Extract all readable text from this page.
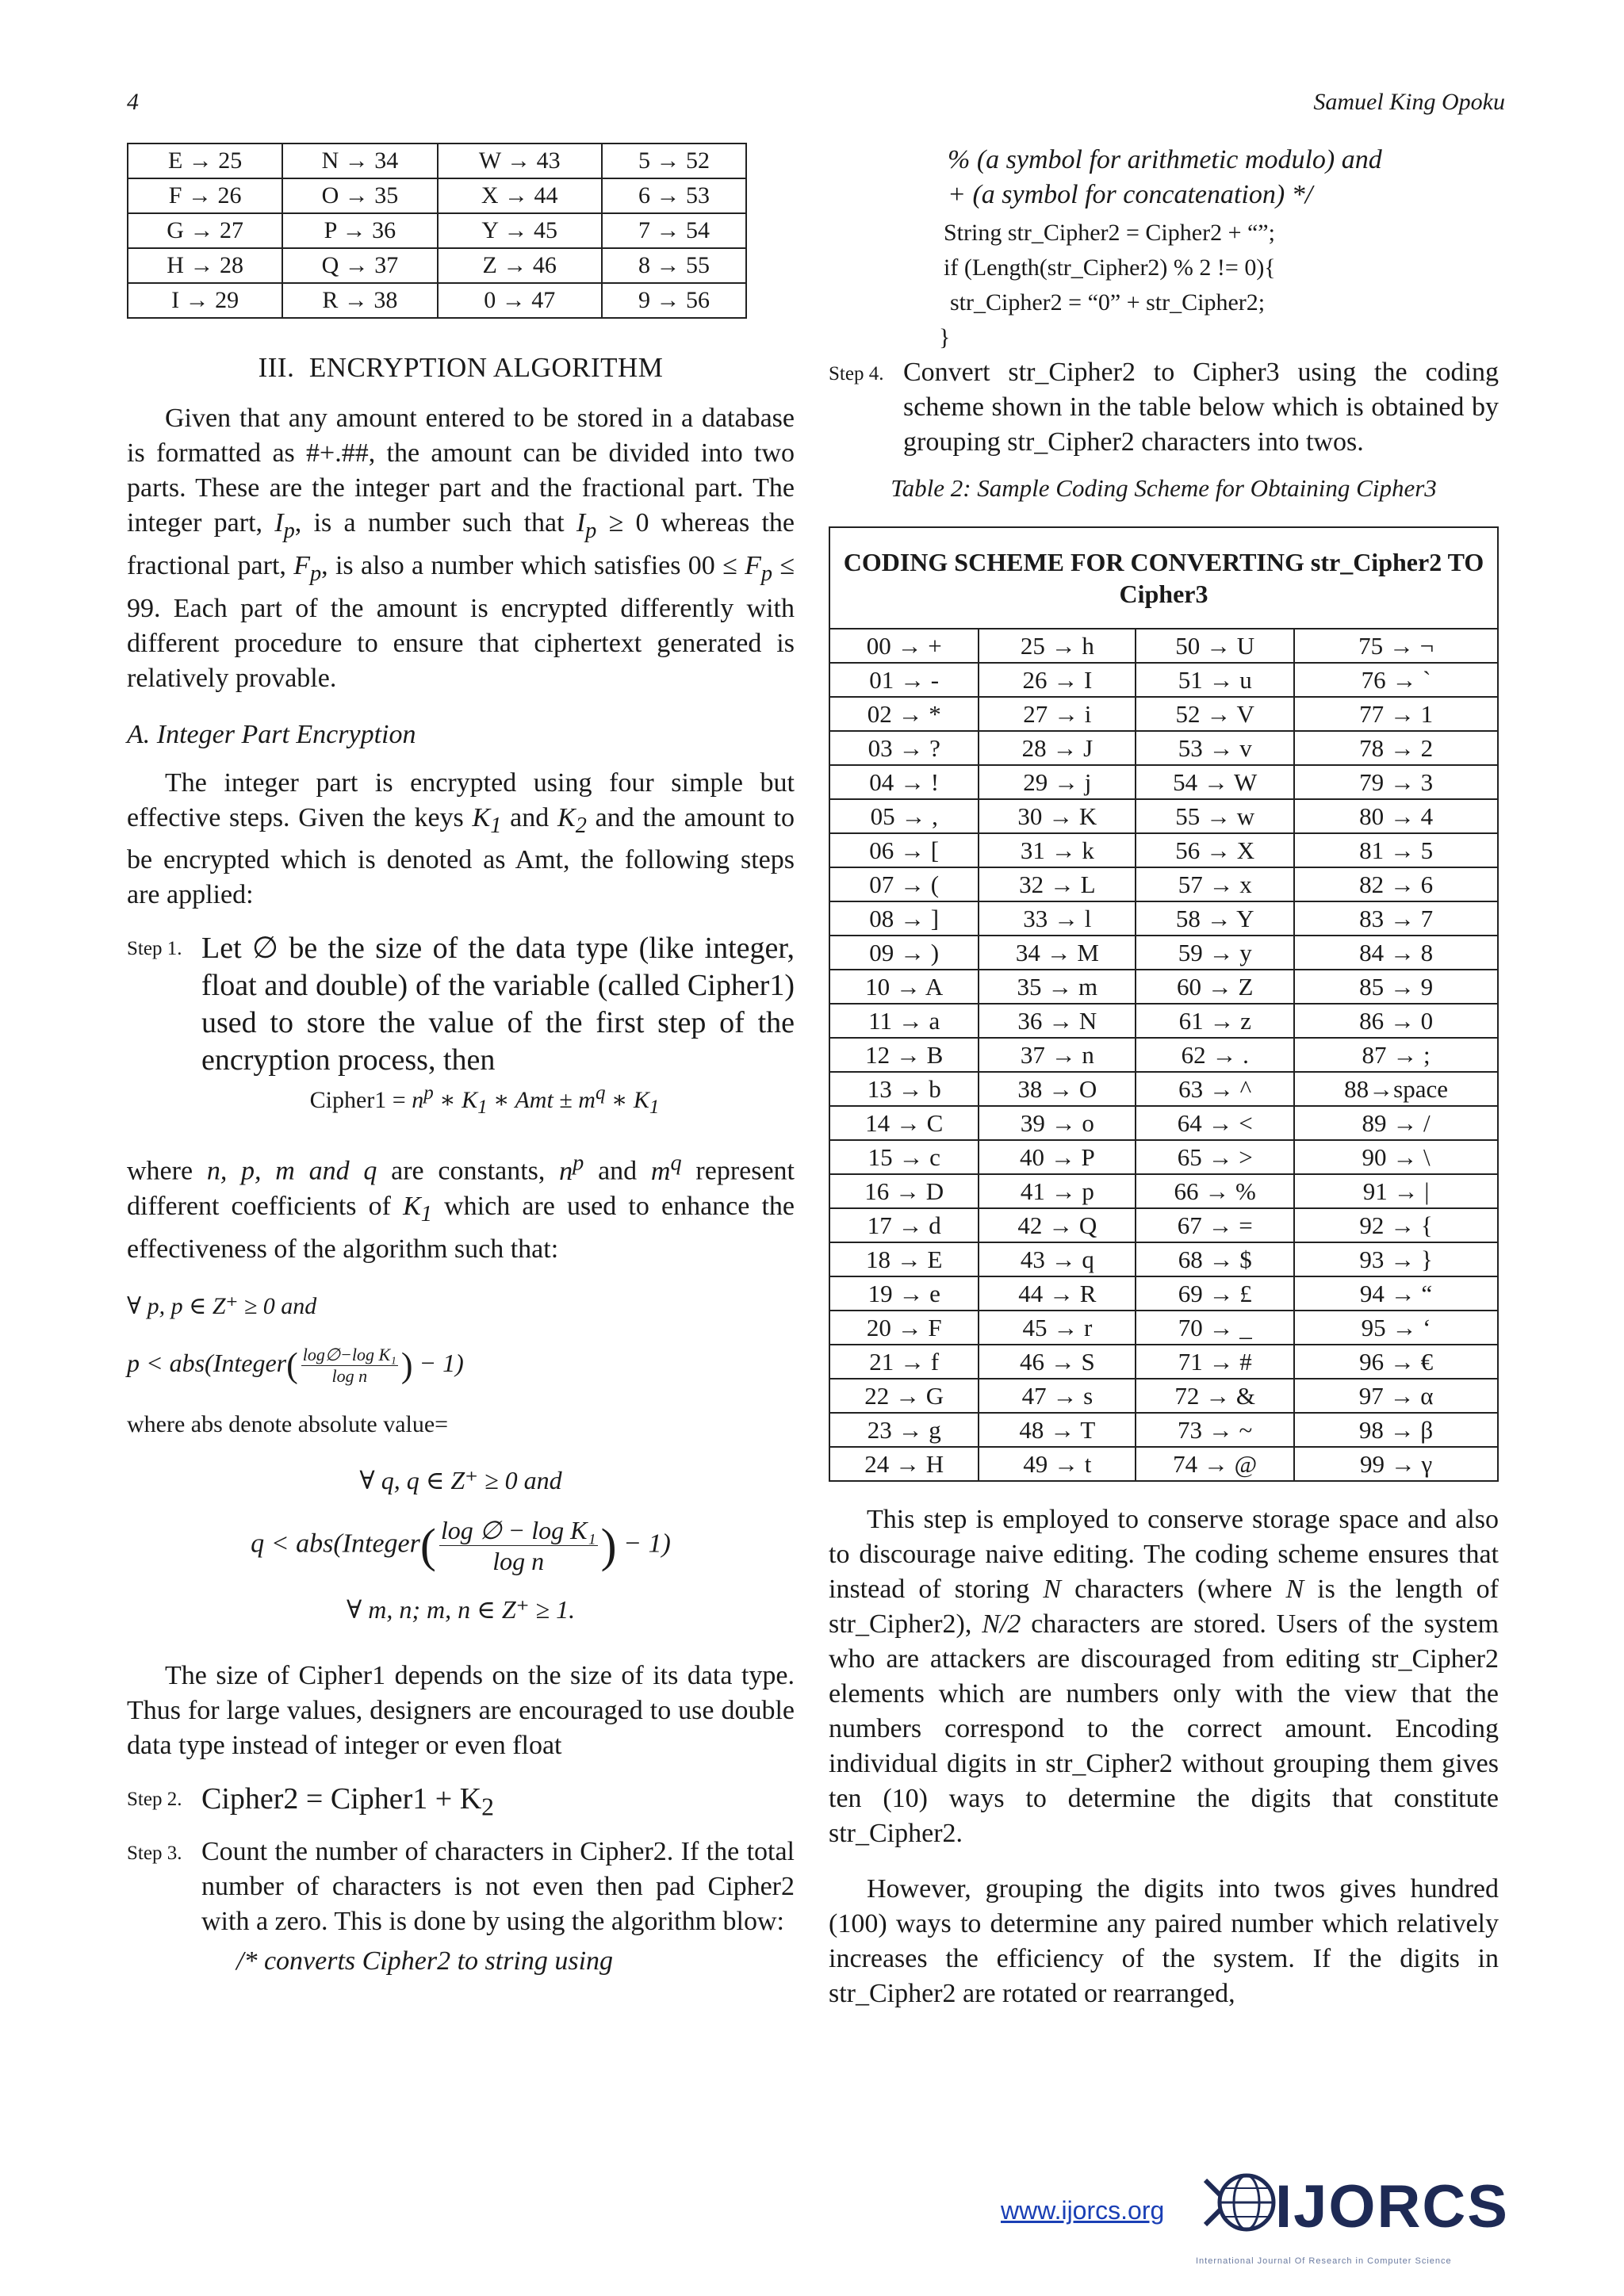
4	Samuel King Opoku
E → 25	N → 34	W → 43	5 → 52
F → 26	O → 35	X → 44	6 → 53
G → 27	P → 36	Y → 45	7 → 54
H → 28	Q → 37	Z → 46	8 → 55
I → 29	R → 38	0 → 47	9 → 56
III. ENCRYPTION ALGORITHM

Given that any amount entered to be stored in a database is formatted as #+.##, the amount can be divided into two parts. These are the integer part and the fractional part. The integer part, $I_p$, is a number such that $I_p \ge 0$ whereas the fractional part, $F_p$, is also a number which satisfies $00 \le F_p \le 99$. Each part of the amount is encrypted differently with different procedure to ensure that ciphertext generated is relatively provable.

A. Integer Part Encryption

The integer part is encrypted using four simple but effective steps. Given the keys $K_1$ and $K_2$ and the amount to be encrypted which is denoted as Amt, the following steps are applied:

Step 1. Let ∅ be the size of the data type (like integer, float and double) of the variable (called Cipher1) used to store the value of the first step of the encryption process, then
Cipher1 = $n^p$ ∗ $K_1$ ∗ Amt ± $m^q$ ∗ $K_1$

where n, p, m and q are constants, $n^p$ and $m^q$ represent different coefficients of $K_1$ which are used to enhance the effectiveness of the algorithm such that:

∀ p, p ∈ Z⁺ ≥ 0 and
p < abs(Integer( $\frac{\text{log∅−log K₁}}{\text{log n}}$ ) − 1)
where abs denote absolute value=
∀ q, q ∈ Z⁺ ≥ 0 and
q < abs(Integer( $\frac{\text{log ∅ − log K₁}}{\text{log n}}$ ) − 1)
∀ m, n; m, n ∈ Z⁺ ≥ 1.

The size of Cipher1 depends on the size of its data type. Thus for large values, designers are encouraged to use double data type instead of integer or even float

Step 2. Cipher2 = Cipher1 + $K_2$
Step 3. Count the number of characters in Cipher2. If the total number of characters is not even then pad Cipher2 with a zero. This is done by using the algorithm blow:
/* converts Cipher2 to string using
% (a symbol for arithmetic modulo) and
+ (a symbol for concatenation) */
String str_Cipher2 = Cipher2 + “”;
if (Length(str_Cipher2) % 2 != 0){
str_Cipher2 = “0” + str_Cipher2;
}
Step 4. Convert str_Cipher2 to Cipher3 using the coding scheme shown in the table below which is obtained by grouping str_Cipher2 characters into twos.
Table 2: Sample Coding Scheme for Obtaining Cipher3
CODING SCHEME FOR CONVERTING str_Cipher2 TO Cipher3			
00 → +	25 → h	50 → U	75 → ¬
01 → -	26 → I	51 → u	76 → `
02 → *	27 → i	52 → V	77 → 1
03 → ?	28 → J	53 → v	78 → 2
04 → !	29 → j	54 → W	79 → 3
05 → ,	30 → K	55 → w	80 → 4
06 → [	31 → k	56 → X	81 → 5
07 → (	32 → L	57 → x	82 → 6
08 → ]	33 → l	58 → Y	83 → 7
09 → )	34 → M	59 → y	84 → 8
10 → A	35 → m	60 → Z	85 → 9
11 → a	36 → N	61 → z	86 → 0
12 → B	37 → n	62 → .	87 → ;
13 → b	38 → O	63 → ^	88→space
14 → C	39 → o	64 → <	89 → /
15 → c	40 → P	65 → >	90 → \
16 → D	41 → p	66 → %	91 → |
17 → d	42 → Q	67 → =	92 → {
18 → E	43 → q	68 → $	93 → }
19 → e	44 → R	69 → £	94 → “
20 → F	45 → r	70 → _	95 → ‘
21 → f	46 → S	71 → #	96 → €
22 → G	47 → s	72 → &	97 → α
23 → g	48 → T	73 → ~	98 → β
24 → H	49 → t	74 → @	99 → γ

This step is employed to conserve storage space and also to discourage naive editing. The coding scheme ensures that instead of storing N characters (where N is the length of str_Cipher2), N/2 characters are stored. Users of the system who are attackers are discouraged from editing str_Cipher2 elements which are numbers only with the view that the numbers correspond to the correct amount. Encoding individual digits in str_Cipher2 without grouping them gives ten (10) ways to determine the digits that constitute str_Cipher2.

However, grouping the digits into twos gives hundred (100) ways to determine any paired number which relatively increases the efficiency of the system. If the digits in str_Cipher2 are rotated or rearranged,

www.ijorcs.org IJORCS
International Journal Of Research in Computer Science
